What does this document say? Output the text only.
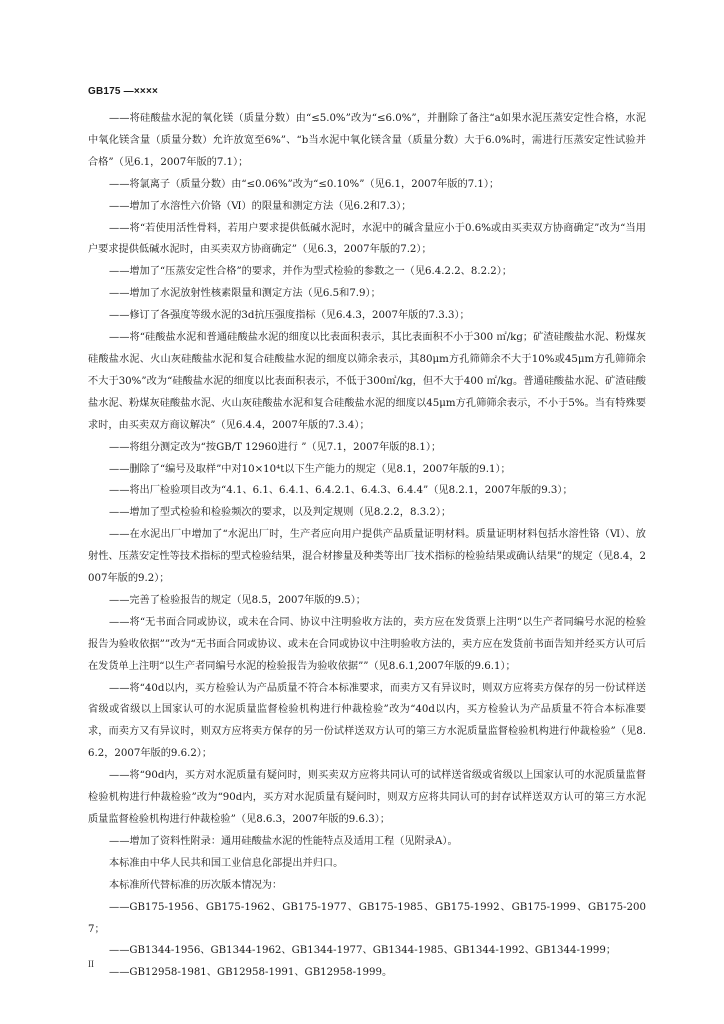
GB175 —××××

——将硅酸盐水泥的氧化镁（质量分数）由“≤5.0%”改为“≤6.0%”，并删除了备注“a如果水泥压蒸安定性合格，水泥中氧化镁含量（质量分数）允许放宽至6%”、“b当水泥中氧化镁含量（质量分数）大于6.0%时，需进行压蒸安定性试验并合格”（见6.1，2007年版的7.1）；

——将氯离子（质量分数）由“≤0.06%”改为“≤0.10%”（见6.1，2007年版的7.1）；

——增加了水溶性六价铬（Ⅵ）的限量和测定方法（见6.2和7.3）；

——将“若使用活性骨料，若用户要求提供低碱水泥时，水泥中的碱含量应小于0.6%或由买卖双方协商确定”改为“当用户要求提供低碱水泥时，由买卖双方协商确定”（见6.3，2007年版的7.2）；

——增加了“压蒸安定性合格”的要求，并作为型式检验的参数之一（见6.4.2.2、8.2.2）；

——增加了水泥放射性核素限量和测定方法（见6.5和7.9）；

——修订了各强度等级水泥的3d抗压强度指标（见6.4.3，2007年版的7.3.3）；

——将“硅酸盐水泥和普通硅酸盐水泥的细度以比表面积表示，其比表面积不小于300 ㎡/kg；矿渣硅酸盐水泥、粉煤灰硅酸盐水泥、火山灰硅酸盐水泥和复合硅酸盐水泥的细度以筛余表示，其80μm方孔筛筛余不大于10%或45μm方孔筛筛余不大于30%”改为“硅酸盐水泥的细度以比表面积表示，不低于300㎡/kg，但不大于400 ㎡/kg。普通硅酸盐水泥、矿渣硅酸盐水泥、粉煤灰硅酸盐水泥、火山灰硅酸盐水泥和复合硅酸盐水泥的细度以45μm方孔筛筛余表示，不小于5%。当有特殊要求时，由买卖双方商议解决”（见6.4.4，2007年版的7.3.4）；

——将组分测定改为“按GB/T 12960进行 ”（见7.1，2007年版的8.1）；

——删除了“编号及取样”中对10×10⁴t以下生产能力的规定（见8.1，2007年版的9.1）；

——将出厂检验项目改为“4.1、6.1、6.4.1、6.4.2.1、6.4.3、6.4.4”（见8.2.1，2007年版的9.3）；

——增加了型式检验和检验频次的要求，以及判定规则（见8.2.2，8.3.2）；

——在水泥出厂中增加了“水泥出厂时，生产者应向用户提供产品质量证明材料。质量证明材料包括水溶性铬（Ⅵ）、放射性、压蒸安定性等技术指标的型式检验结果，混合材掺量及种类等出厂技术指标的检验结果或确认结果”的规定（见8.4，2007年版的9.2）；

——完善了检验报告的规定（见8.5，2007年版的9.5）；

——将“无书面合同或协议，或未在合同、协议中注明验收方法的，卖方应在发货票上注明“以生产者同编号水泥的检验报告为验收依据””改为“无书面合同或协议、或未在合同或协议中注明验收方法的，卖方应在发货前书面告知并经买方认可后在发货单上注明“以生产者同编号水泥的检验报告为验收依据””（见8.6.1,2007年版的9.6.1）；

——将“40d以内，买方检验认为产品质量不符合本标准要求，而卖方又有异议时，则双方应将卖方保存的另一份试样送省级或省级以上国家认可的水泥质量监督检验机构进行仲裁检验”改为“40d以内，买方检验认为产品质量不符合本标准要求，而卖方又有异议时，则双方应将卖方保存的另一份试样送双方认可的第三方水泥质量监督检验机构进行仲裁检验”（见8.6.2，2007年版的9.6.2）；

——将“90d内，买方对水泥质量有疑问时，则买卖双方应将共同认可的试样送省级或省级以上国家认可的水泥质量监督检验机构进行仲裁检验”改为“90d内，买方对水泥质量有疑问时，则双方应将共同认可的封存试样送双方认可的第三方水泥质量监督检验机构进行仲裁检验”（见8.6.3，2007年版的9.6.3）；

——增加了资料性附录：通用硅酸盐水泥的性能特点及适用工程（见附录A）。

本标准由中华人民共和国工业信息化部提出并归口。

本标准所代替标准的历次版本情况为：

——GB175-1956、GB175-1962、GB175-1977、GB175-1985、GB175-1992、GB175-1999、GB175-2007；

——GB1344-1956、GB1344-1962、GB1344-1977、GB1344-1985、GB1344-1992、GB1344-1999；

——GB12958-1981、GB12958-1991、GB12958-1999。

II
